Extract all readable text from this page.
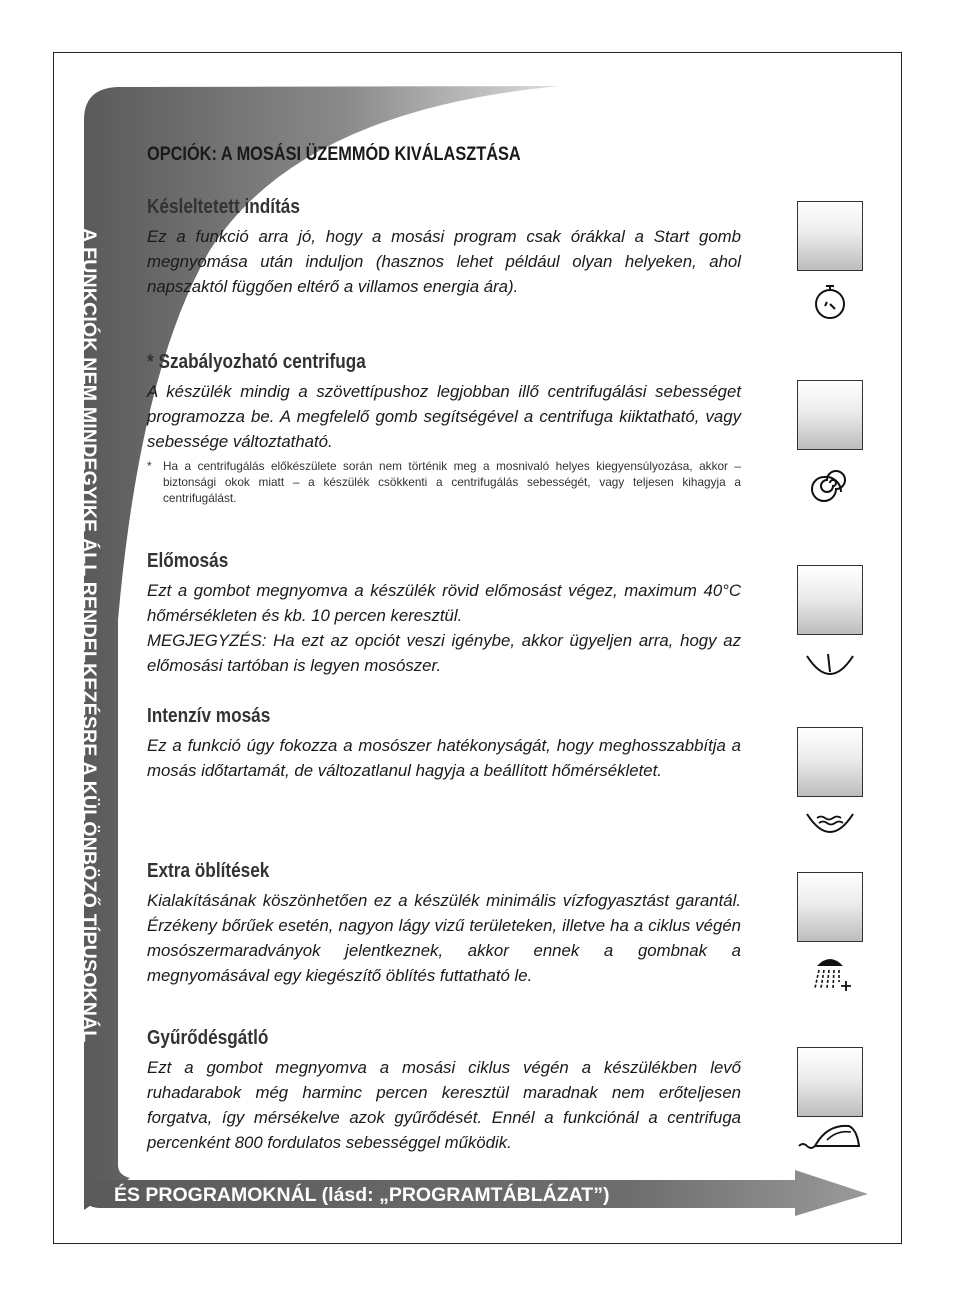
A FUNKCIÓK NEM MINDEGYIKE ÁLL RENDELKEZÉSRE A KÜLÖNBÖZŐ TÍPUSOKNÁL
ÉS PROGRAMOKNÁL (lásd: „PROGRAMTÁBLÁZAT”)
OPCIÓK: A MOSÁSI ÜZEMMÓD KIVÁLASZTÁSA
Késleltetett indítás

Ez a funkció arra jó, hogy a mosási program csak órákkal a Start gomb megnyomása után induljon (hasznos lehet például olyan helyeken, ahol napszaktól függően eltérő a villamos energia ára).

* Szabályozható centrifuga

A készülék mindig a szövettípushoz legjobban illő centrifugálási sebességet programozza be. A megfelelő gomb segítségével a centrifuga kiiktatható, vagy sebessége változtatható.

* Ha a centrifugálás előkészülete során nem történik meg a mosnivaló helyes kiegyensúlyozása, akkor – biztonsági okok miatt – a készülék csökkenti a centrifugálás sebességét, vagy teljesen kihagyja a centrifugálást.
Előmosás

Ezt a gombot megnyomva a készülék rövid előmosást végez, maximum 40°C hőmérsékleten és kb. 10 percen keresztül.

MEGJEGYZÉS: Ha ezt az opciót veszi igénybe, akkor ügyeljen arra, hogy az előmosási tartóban is legyen mosószer.

Intenzív mosás

Ez a funkció úgy fokozza a mosószer hatékonyságát, hogy meghosszabbítja a mosás időtartamát, de változatlanul hagyja a beállított hőmérsékletet.

Extra öblítések

Kialakításának köszönhetően ez a készülék minimális vízfogyasztást garantál. Érzékeny bőrűek esetén, nagyon lágy vizű területeken, illetve ha a ciklus végén mosószermaradványok jelentkeznek, akkor ennek a gombnak a megnyomásával egy kiegészítő öblítés futtatható le.

Gyűrődésgátló

Ezt a gombot megnyomva a mosási ciklus végén a készülékben levő ruhadarabok még harminc percen keresztül maradnak nem erőteljesen forgatva, így mérsékelve azok gyűrődését. Ennél a funkciónál a centrifuga percenként 800 fordulatos sebességgel működik.
